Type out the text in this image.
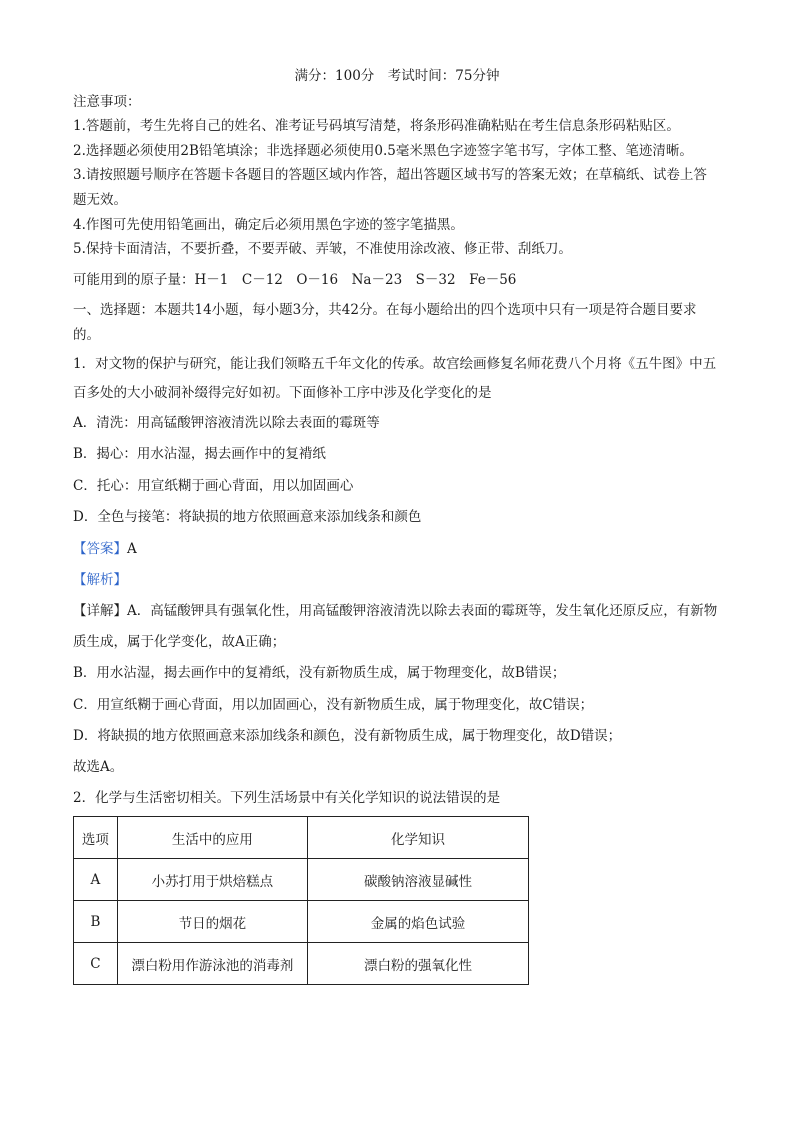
满分：100分　考试时间：75分钟
注意事项：
1.答题前，考生先将自己的姓名、准考证号码填写清楚，将条形码准确粘贴在考生信息条形码粘贴区。
2.选择题必须使用2B铅笔填涂；非选择题必须使用0.5毫米黑色字迹签字笔书写，字体工整、笔迹清晰。
3.请按照题号顺序在答题卡各题目的答题区域内作答，超出答题区域书写的答案无效；在草稿纸、试卷上答题无效。
4.作图可先使用铅笔画出，确定后必须用黑色字迹的签字笔描黑。
5.保持卡面清洁，不要折叠，不要弄破、弄皱，不准使用涂改液、修正带、刮纸刀。
可能用到的原子量：H－1　C－12　O－16　Na－23　S－32　Fe－56
一、选择题：本题共14小题，每小题3分，共42分。在每小题给出的四个选项中只有一项是符合题目要求的。
1．对文物的保护与研究，能让我们领略五千年文化的传承。故宫绘画修复名师花费八个月将《五牛图》中五百多处的大小破洞补缀得完好如初。下面修补工序中涉及化学变化的是
A．清洗：用高锰酸钾溶液清洗以除去表面的霉斑等
B．揭心：用水沾湿，揭去画作中的复褙纸
C．托心：用宣纸糊于画心背面，用以加固画心
D．全色与接笔：将缺损的地方依照画意来添加线条和颜色
【答案】A
【解析】
【详解】A．高锰酸钾具有强氧化性，用高锰酸钾溶液清洗以除去表面的霉斑等，发生氧化还原反应，有新物质生成，属于化学变化，故A正确；
B．用水沾湿，揭去画作中的复褙纸，没有新物质生成，属于物理变化，故B错误；
C．用宣纸糊于画心背面，用以加固画心，没有新物质生成，属于物理变化，故C错误；
D．将缺损的地方依照画意来添加线条和颜色，没有新物质生成，属于物理变化，故D错误；
故选A。
2．化学与生活密切相关。下列生活场景中有关化学知识的说法错误的是
选项	生活中的应用	化学知识
A	小苏打用于烘焙糕点	碳酸钠溶液显碱性
B	节日的烟花	金属的焰色试验
C	漂白粉用作游泳池的消毒剂	漂白粉的强氧化性
